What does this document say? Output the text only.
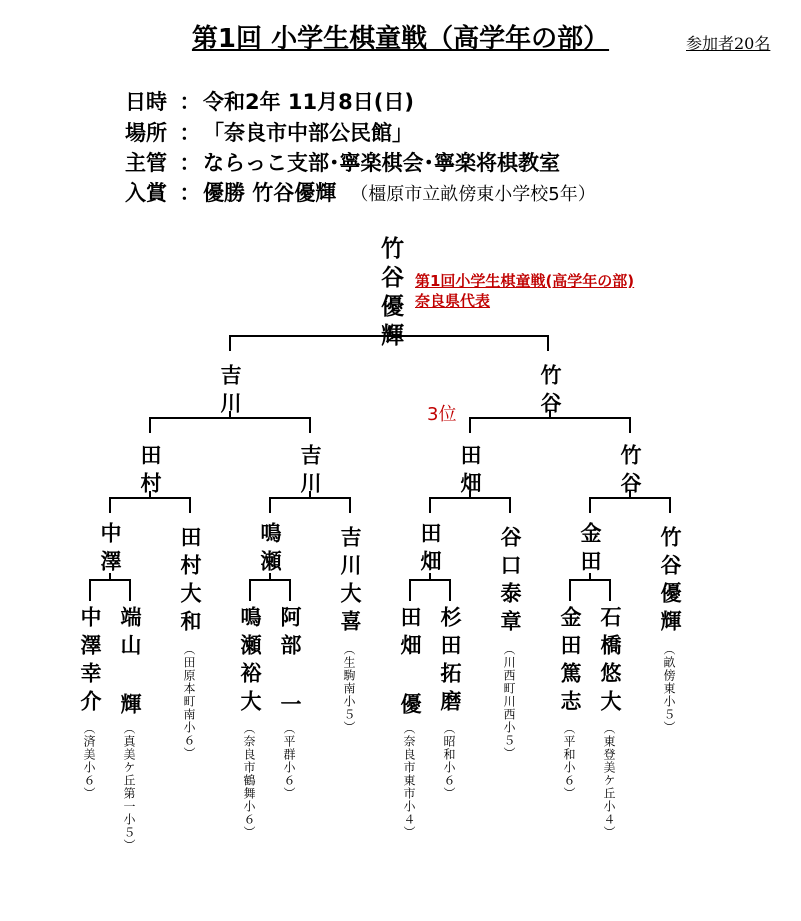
第1回 小学生棋童戦（高学年の部）	参加者20名
日時 ： 令和2年 11月8日(日)
場所 ： 「奈良市中部公民館」
主管 ： ならっこ支部･寧楽棋会･寧楽将棋教室
入賞 ： 優勝 竹谷優輝 （橿原市立畝傍東小学校5年）
竹谷優輝 第1回小学生棋童戦(高学年の部)
奈良県代表
吉川	竹谷
3位
田村	吉川	田畑	竹谷
中澤	田村大和
（田原本町南小６）
鳴瀬	吉川大喜
（生駒南小５）
田畑	谷口泰章
（川西町川西小５）
金田	竹谷優輝
（畝傍東小５）
中澤幸介
（済美小６）
端山 輝
（真美ケ丘第一小５）
鳴瀬裕大
（奈良市鶴舞小６）
阿部 一
（平群小６）
田畑 優
（奈良市東市小４）
杉田拓磨
（昭和小６）
金田篤志
（平和小６）
石橋悠大
（東登美ケ丘小４）
